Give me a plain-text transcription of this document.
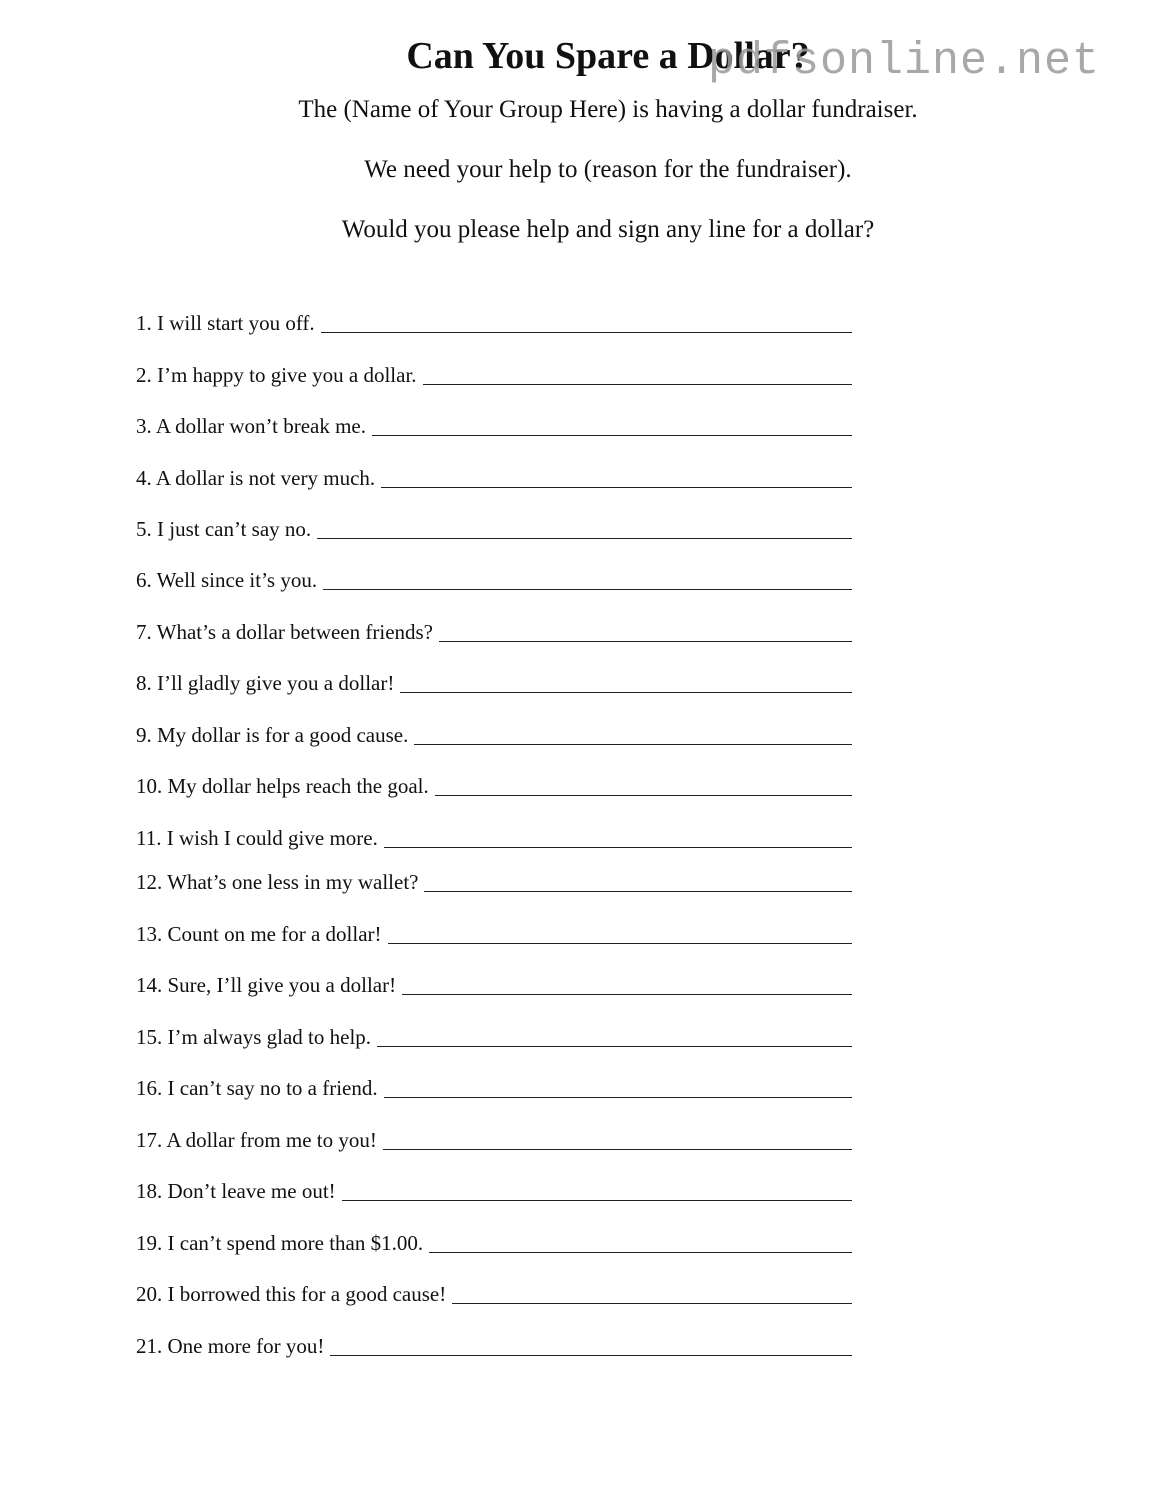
pdfsonline.net
Can You Spare a Dollar?

The (Name of Your Group Here) is having a dollar fundraiser.

We need your help to (reason for the fundraiser).

Would you please help and sign any line for a dollar?

1. I will start you off.
2. I’m happy to give you a dollar.
3. A dollar won’t break me.
4. A dollar is not very much.
5. I just can’t say no.
6. Well since it’s you.
7. What’s a dollar between friends?
8. I’ll gladly give you a dollar!
9. My dollar is for a good cause.
10. My dollar helps reach the goal.
11. I wish I could give more.
12. What’s one less in my wallet?
13. Count on me for a dollar!
14. Sure, I’ll give you a dollar!
15. I’m always glad to help.
16. I can’t say no to a friend.
17. A dollar from me to you!
18. Don’t leave me out!
19. I can’t spend more than $1.00.
20. I borrowed this for a good cause!
21. One more for you!
